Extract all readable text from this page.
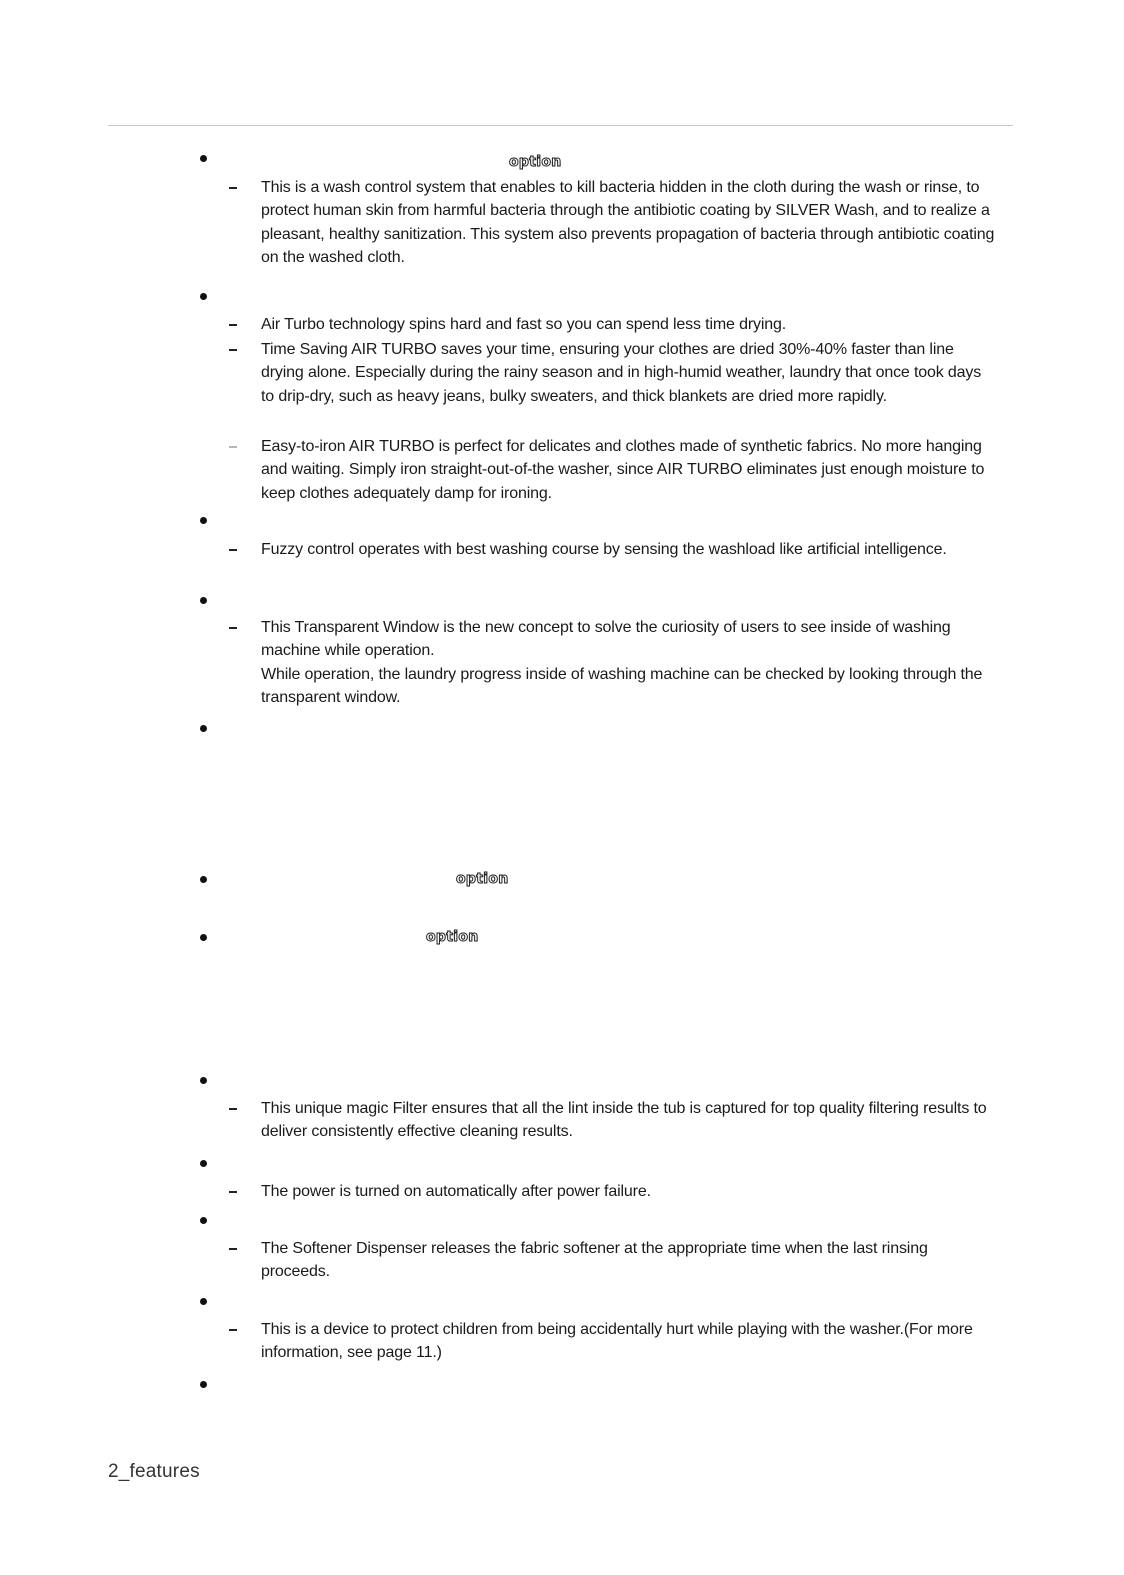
option
This is a wash control system that enables to kill bacteria hidden in the cloth during the wash or rinse, to protect human skin from harmful bacteria through the antibiotic coating by SILVER Wash, and to realize a pleasant, healthy sanitization. This system also prevents propagation of bacteria through antibiotic coating on the washed cloth.
Air Turbo technology spins hard and fast so you can spend less time drying.
Time Saving AIR TURBO saves your time, ensuring your clothes are dried 30%-40% faster than line drying alone. Especially during the rainy season and in high-humid weather, laundry that once took days to drip-dry, such as heavy jeans, bulky sweaters, and thick blankets are dried more rapidly.
Easy-to-iron AIR TURBO is perfect for delicates and clothes made of synthetic fabrics. No more hanging and waiting. Simply iron straight-out-of-the washer, since AIR TURBO eliminates just enough moisture to keep clothes adequately damp for ironing.
Fuzzy control operates with best washing course by sensing the washload like artificial intelligence.
This Transparent Window is the new concept to solve the curiosity of users to see inside of washing machine while operation.
While operation, the laundry progress inside of washing machine can be checked by looking through the transparent window.
option
option
This unique magic Filter ensures that all the lint inside the tub is captured for top quality filtering results to deliver consistently effective cleaning results.
The power is turned on automatically after power failure.
The Softener Dispenser releases the fabric softener at the appropriate time when the last rinsing proceeds.
This is a device to protect children from being accidentally hurt while playing with the washer.(For more information, see page 11.)
2_features
